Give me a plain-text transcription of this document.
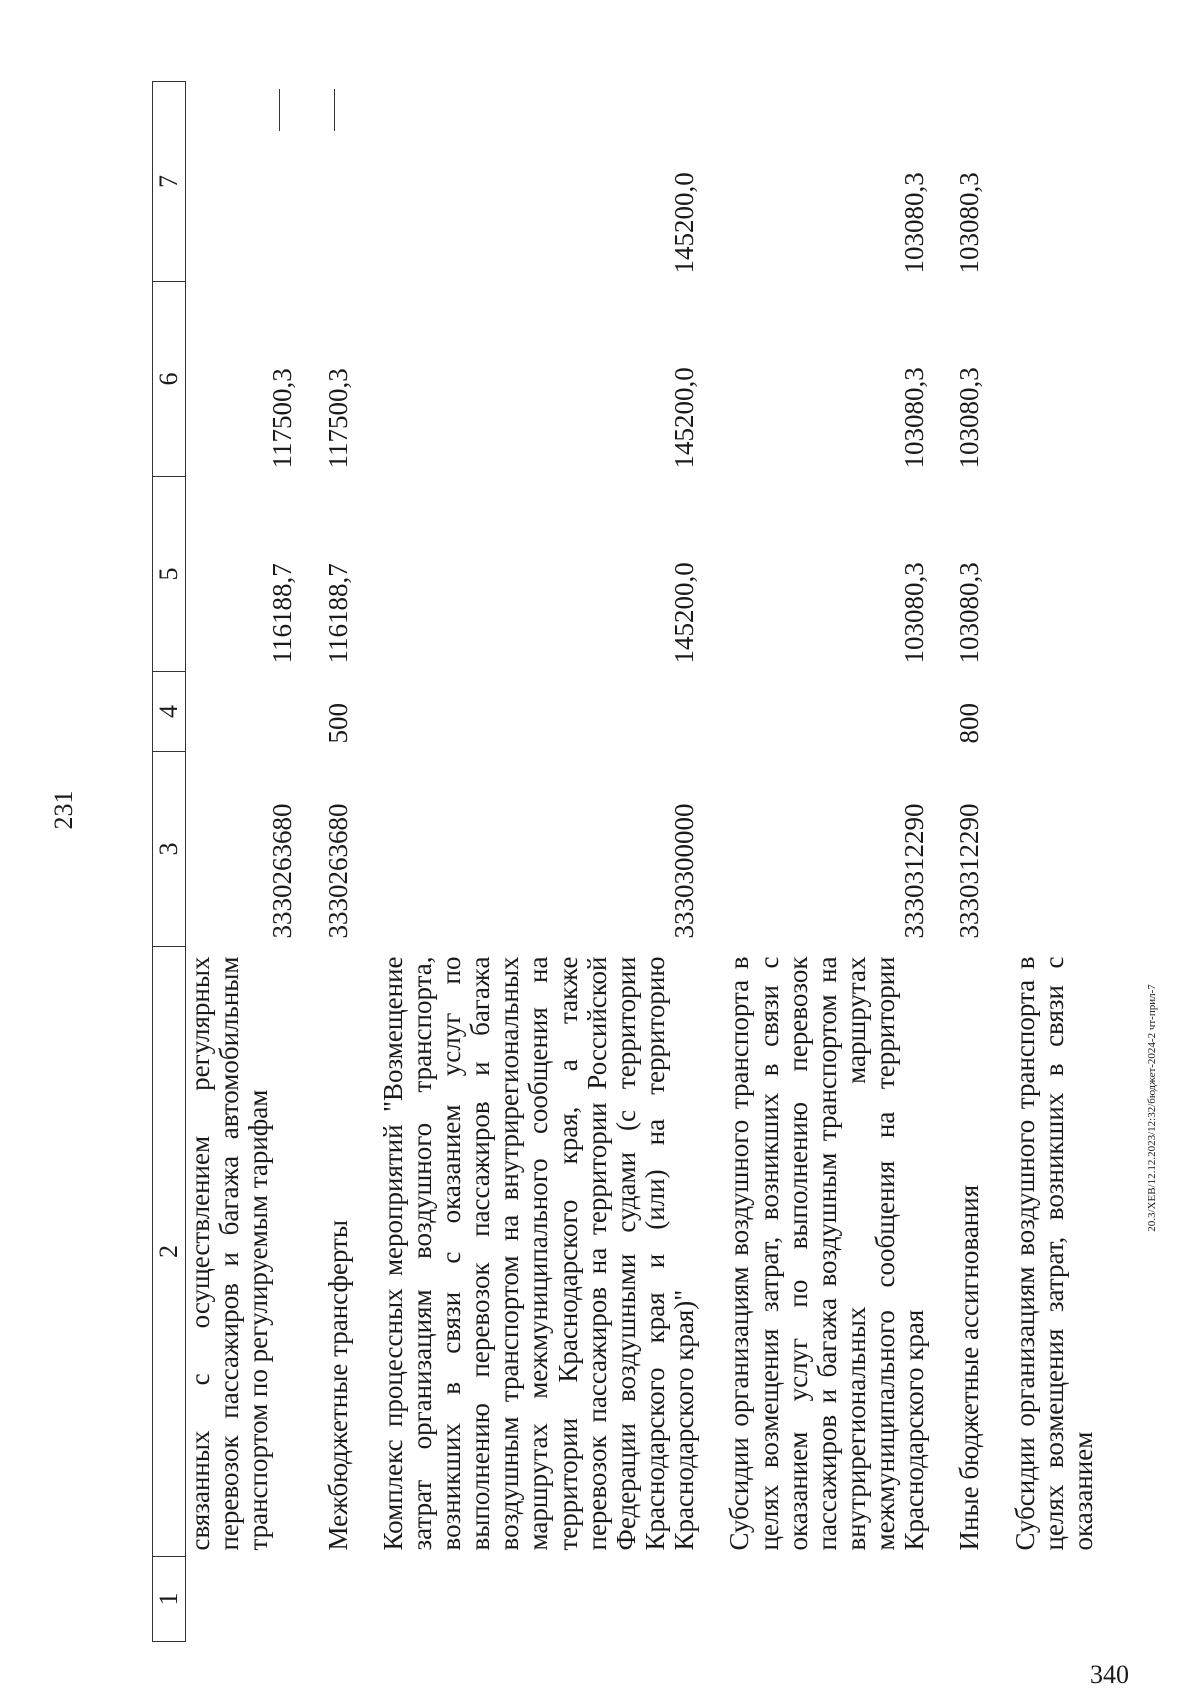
231
340
20.3/ХЕВ/12.12.2023/12:32/бюджет-2024-2 чт-прил-7
1	2	3	4	5	6	7
	связанных с осуществлением регулярных перевозок пассажиров и багажа автомобильным транспортом по регулируемым тарифам	3330263680		116188,7	117500,3	

	Межбюджетные трансферты	3330263680	500	116188,7	117500,3	

	Комплекс процессных мероприятий "Возмещение затрат организациям воздушного транспорта, возникших в связи с оказанием услуг по выполнению перевозок пассажиров и багажа воздушным транспортом на внутрирегиональных маршрутах межмуниципального сообщения на территории Краснодарского края, а также перевозок пассажиров на территории Российской Федерации воздушными судами (с территории Краснодарского края и (или) на территорию Краснодарского края)"	3330300000		145200,0	145200,0	145200,0

	Субсидии организациям воздушного транспорта в целях возмещения затрат, возникших в связи с оказанием услуг по выполнению перевозок пассажиров и багажа воздушным транспортом на внутрирегиональных маршрутах межмуниципального сообщения на территории Краснодарского края	3330312290		103080,3	103080,3	103080,3

	Иные бюджетные ассигнования	3330312290	800	103080,3	103080,3	103080,3

	Субсидии организациям воздушного транспорта в целях возмещения затрат, возникших в связи с оказанием					
